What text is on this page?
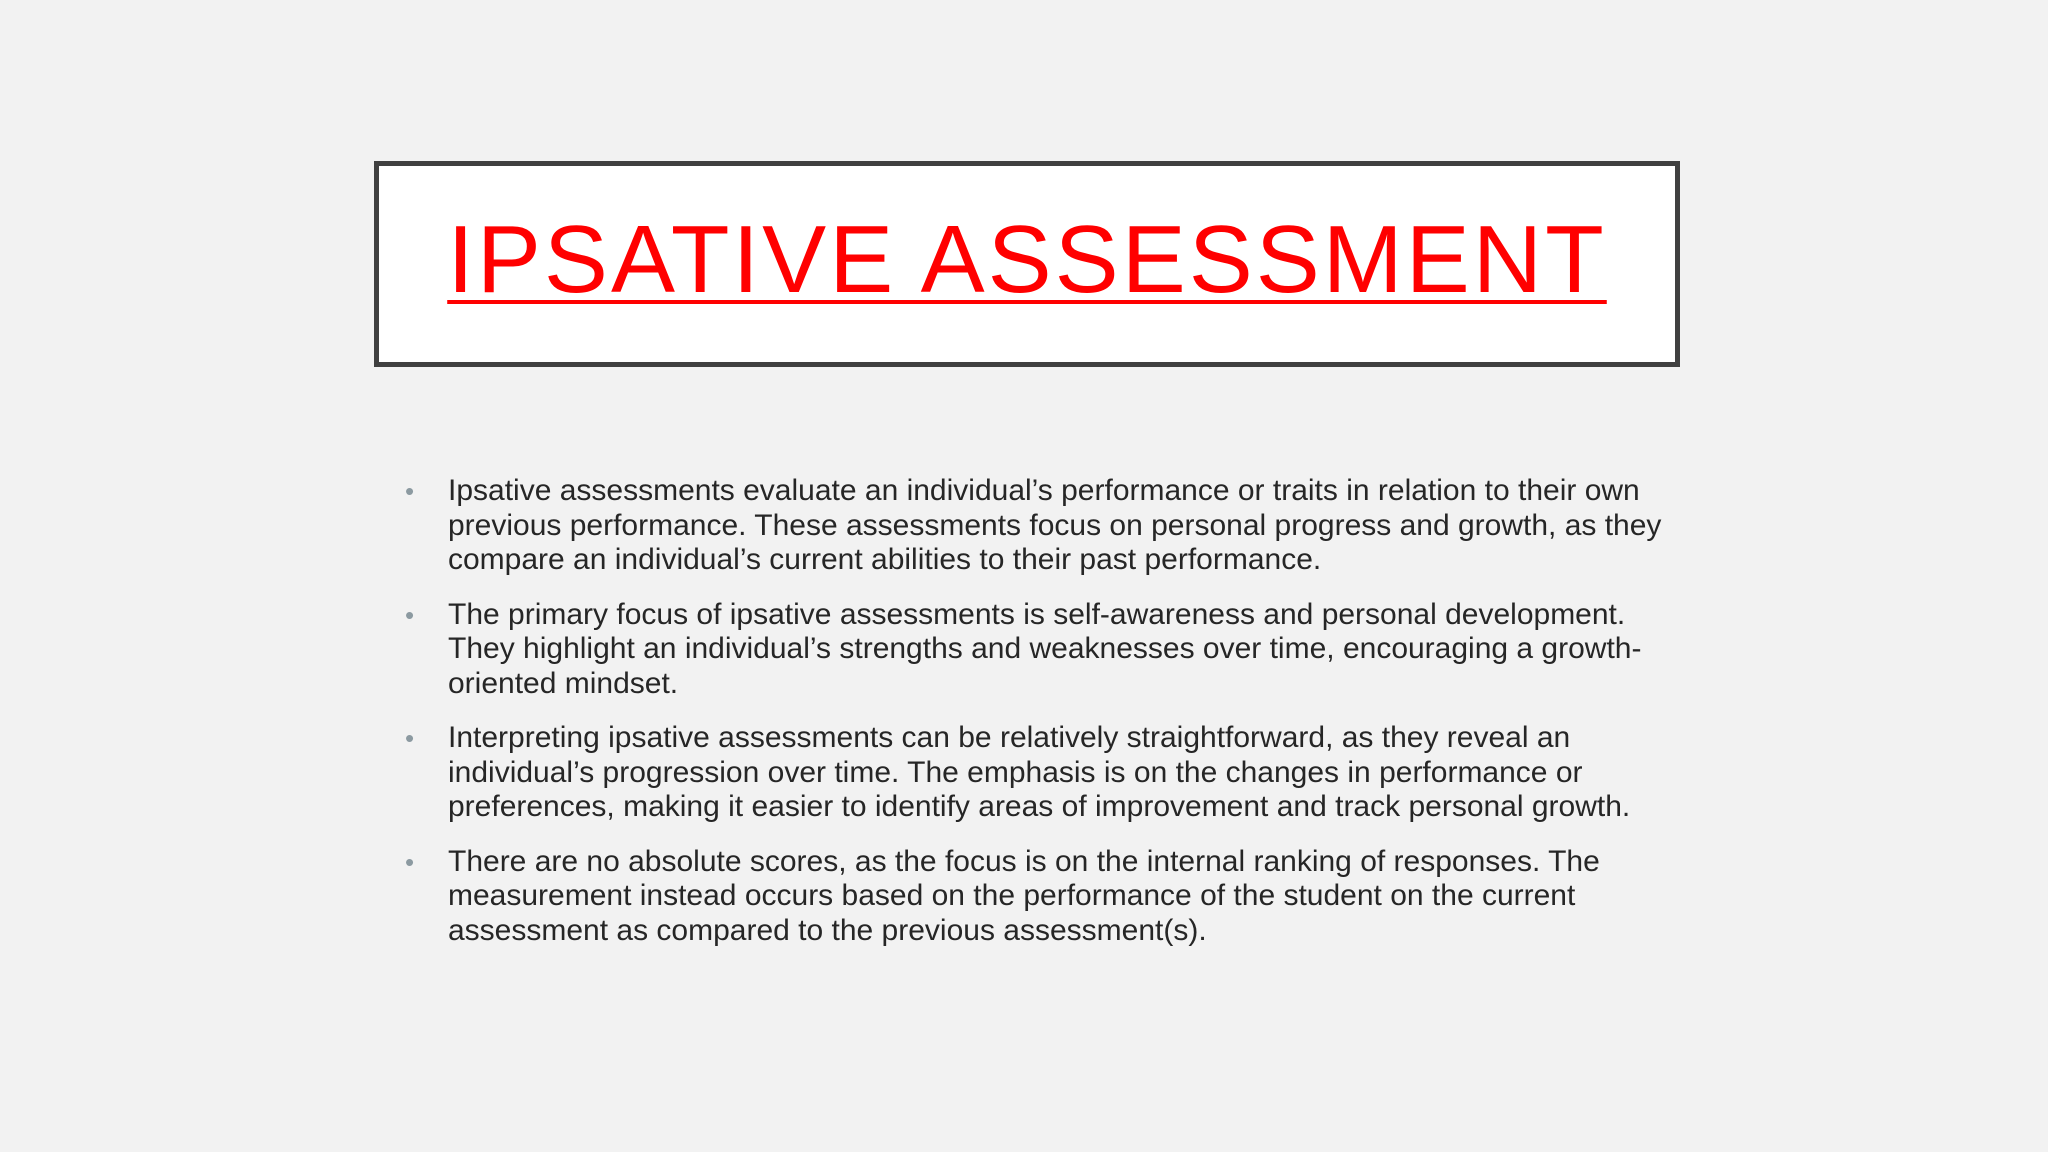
IPSATIVE ASSESSMENT
• Ipsative assessments evaluate an individual’s performance or traits in relation to their own previous performance. These assessments focus on personal progress and growth, as they compare an individual’s current abilities to their past performance.
• The primary focus of ipsative assessments is self-awareness and personal development. They highlight an individual’s strengths and weaknesses over time, encouraging a growth-oriented mindset.
• Interpreting ipsative assessments can be relatively straightforward, as they reveal an individual’s progression over time. The emphasis is on the changes in performance or preferences, making it easier to identify areas of improvement and track personal growth.
• There are no absolute scores, as the focus is on the internal ranking of responses. The measurement instead occurs based on the performance of the student on the current assessment as compared to the previous assessment(s).
